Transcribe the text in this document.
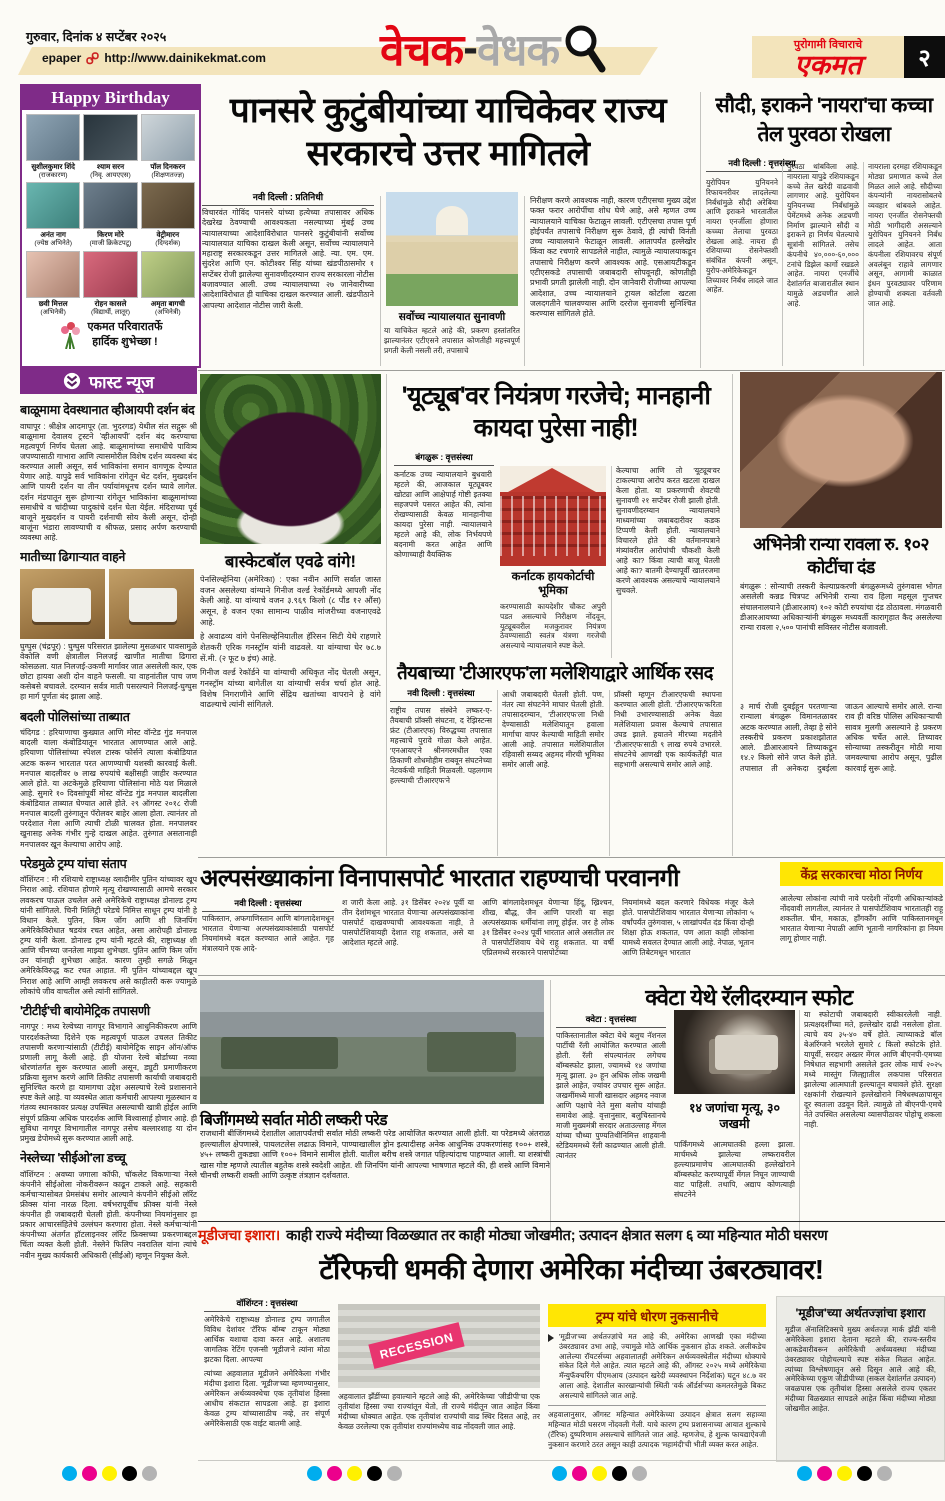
गुरुवार, दिनांक ४ सप्टेंबर २०२५
epaper http://www.dainikekmat.com	वेचक - वेधक	पुरोगामी विचाराचे
एकमत	२
Happy Birthday
सुशीलकुमार शिंदे
(राजकारण)
श्याम सरन
(निवृ. आयएएस)
पॉल दिनकरन
(शिक्षणतज्ज्ञ)
अनंत नाग
(ज्येष्ठ अभिनेते)
किरण मोरे
(माजी क्रिकेटपटू)
वेट्रीमारन
(दिग्दर्शक)
छवी मित्तल
(अभिनेत्री)
रोहन कासले
(विद्यार्थी, लातूर)
अमृता बागची
(अभिनेत्री)
एकमत परिवारातर्फे
हार्दिक शुभेच्छा !
फास्ट न्यूज
बाळूमामा देवस्थानात व्हीआयपी दर्शन बंद

वाघापूर : श्रीक्षेत्र आदमापूर (ता. भुदरगड) येथील संत सद्गुरू श्री बाळूमामा देवालय ट्रस्टने 'व्हीआयपी' दर्शन बंद करण्याचा महत्वपूर्ण निर्णय घेतला आहे. बाळूमामांच्या समाधीचे पावित्र्य जपण्यासाठी गाभारा आणि त्यासमोरील विशेष दर्शन व्यवस्था बंद करण्यात आली असून, सर्व भाविकांना समान वागणूक देण्यात येणार आहे. यापुढे सर्व भाविकांना रांगेतून थेट दर्शन, मुखदर्शन आणि पायरी दर्शन या तीन पर्यायांमधूनच दर्शन घ्यावे लागेल. दर्शन मंडपातून सुरू होणाऱ्या रांगेतून भाविकांना बाळूमामांच्या समाधीचे व चांदीच्या पादुकांचे दर्शन घेता येईल. मंदिराच्या पूर्व बाजूने मुखदर्शन व पायरी दर्शनाची सोय केली असून, दोन्ही बाजूंना भंडारा लावण्याची व श्रीफळ, प्रसाद अर्पण करण्याची व्यवस्था आहे.

मातीच्या ढिगाऱ्यात वाहने

घुग्घुस (चंद्रपूर) : घुग्घुस परिसरात झालेल्या मुसळधार पावसामुळे वेकोलि वणी क्षेत्रातील निलजई खाणीत मातीचा ढिगारा कोसळला. यात निलजई-उकणी मार्गावर जात असलेली कार, एक छोटा हायवा अशी दोन वाहने फसली. या वाहनांतील पाच जण कसेबसे बचावले. दरम्यान सर्वत्र माती पसरल्याने निलजई-घुग्घुस हा मार्ग पूर्णतः बंद झाला आहे.

बदली पोलिसांच्या ताब्यात

चंदिगड : हरियाणाचा कुख्यात आणि मोस्ट वॉन्टेड गुंड मनपाल बादली याला कंबोडियातून भारतात आणण्यात आले आहे. हरियाणा पोलिसांच्या स्पेशल टास्क फोर्सने त्याला कंबोडियात अटक करून भारतात परत आणण्याची यशस्वी कारवाई केली. मनपाल बादलीवर ७ लाख रुपयांचे बक्षीसही जाहीर करण्यात आले होते. या अटकेमुळे हरियाणा पोलिसांना मोठे यश मिळाले आहे. सुमारे १० दिवसांपूर्वी मोस्ट वॉन्टेड गुंड मनपाल बादलीला कंबोडियात ताब्यात घेण्यात आले होते. २९ ऑगस्ट २०१८ रोजी मनपाल बादली तुरुंगातून पॅरोलवर बाहेर आला होता. त्यानंतर तो परदेशात गेला आणि त्याची टोळी चालवत होता. मनपालवर खुनासह अनेक गंभीर गुन्हे दाखल आहेत. तुरुंगात असतानाही मनपालवर खून केल्याचा आरोप आहे.

परेडमुळे ट्रम्प यांचा संताप

वॉशिंग्टन : मी रशियाचे राष्ट्राध्यक्ष व्लादीमीर पुतिन यांच्यावर खूप निराश आहे. रशियात होणारे मृत्यू रोखण्यासाठी आमचे सरकार लवकरच पाऊल उचलेल असे अमेरिकेचे राष्ट्राध्यक्ष डोनाल्ड ट्रम्प यांनी सांगितले. चिनी मिलिट्री परेडचे निमित्त साधून ट्रम्प यांनी हे विधान केले. पुतिन, किम जोंग आणि शी जिनपिंग अमेरिकेविरोधात षडयंत्र रचत आहेत, असा आरोपही डोनाल्ड ट्रम्प यांनी केला. डोनाल्ड ट्रम्प यांनी म्हटले की, राष्ट्राध्यक्ष शी आणि चीनच्या जनतेला माझ्या शुभेच्छा. पुतिन आणि किम जोंग उन यांनाही शुभेच्छा आहेत. कारण तुम्ही सगळे मिळून अमेरिकेविरुद्ध कट रचत आहात. मी पुतिन यांच्याबद्दल खूप निराश आहे आणि आम्ही लवकरच असे काहीतरी करू ज्यामुळे लोकांचे जीव वाचतील असे त्यांनी सांगितले.

'टीटीई'ची बायोमेट्रिक तपासणी

नागपूर : मध्य रेल्वेच्या नागपूर विभागाने आधुनिकीकरण आणि पारदर्शकतेच्या दिशेने एक महत्वपूर्ण पाऊल उचलत तिकीट तपासणी करणाऱ्यांसाठी (टीटीई) बायोमेट्रिक साइन ऑन/ऑफ प्रणाली लागू केली आहे. ही योजना रेल्वे बोर्डाच्या नव्या धोरणांतर्गत सुरू करण्यात आली असून, ड्युटी प्रमाणीकरण प्रक्रिया सुलभ करणे आणि तिकीट तपासणी कार्याची जबाबदारी सुनिश्चित करणे हा यामागचा उद्देश असल्याचे रेल्वे प्रशासनाने स्पष्ट केले आहे. या व्यवस्थेत आता कर्मचारी आपल्या मूळस्थान व गंतव्य स्थानकावर प्रत्यक्ष उपस्थित असल्याची खात्री होईल आणि संपूर्ण प्रक्रिया अधिक पारदर्शक आणि विश्वासार्ह होणार आहे. ही सुविधा नागपूर विभागातील नागपूर तसेच बल्लारशाह या दोन प्रमुख डेपोमध्ये सुरू करण्यात आली आहे.

नेस्लेच्या 'सीईओ'ला डच्चू

वॉशिंग्टन : अवघ्या जगाला कॉफी, चॉकलेट विकणाऱ्या नेस्ले कंपनीने सीईओला नोकरीवरून काढून टाकले आहे. सहकारी कर्मचाऱ्यासोबत प्रेमसंबंध समोर आल्याने कंपनीने सीईओ लॉरेंट फ्रीक्स यांना नारळ दिला. वर्षभरापूर्वीच फ्रीक्स यांनी नेस्ले कंपनीत ही जबाबदारी घेतली होती. कंपनीच्या नियमांनुसार हा प्रकार आचारसंहितेचे उल्लंघन करणारा होता. नेस्ले कर्मचाऱ्यांनी कंपनीच्या अंतर्गत हॉटलाइनवर लॉरेंट फ्रिक्सच्या प्रकरणाबद्दल चिंता व्यक्त केली होती. नेस्लेने फिलिप नवरातिल यांना त्यांचे नवीन मुख्य कार्यकारी अधिकारी (सीईओ) म्हणून नियुक्त केले.

पानसरे कुटुंबीयांच्या याचिकेवर राज्य सरकारचे उत्तर मागितले
नवी दिल्ली : प्रतिनिधी
विचारवंत गोविंद पानसरे यांच्या हत्येच्या तपासावर अधिक देखरेख ठेवण्याची आवश्यकता नसल्याच्या मुंबई उच्च न्यायालयाच्या आदेशाविरोधात पानसरे कुटुंबीयांनी सर्वोच्च न्यायालयात याचिका दाखल केली असून, सर्वोच्च न्यायालयाने महाराष्ट्र सरकारकडून उत्तर मागितले आहे. न्या. एम. एम. सुंदरेश आणि एन. कोटीश्वर सिंह यांच्या खंडपीठासमोर १ सप्टेंबर रोजी झालेल्या सुनावणीदरम्यान राज्य सरकारला नोटीस बजावण्यात आली. उच्च न्यायालयाच्या २७ जानेवारीच्या आदेशाविरोधात ही याचिका दाखल करण्यात आली. खंडपीठाने आपल्या आदेशात नोटीस जारी केली.
सर्वोच्च न्यायालयात सुनावणी
या याचिकेत म्हटले आहे की, प्रकरण हस्तांतरित झाल्यानंतर एटीएसने तपासात कोणतीही महत्त्वपूर्ण प्रगती केली नसली तरी, तपासाचे
निरीक्षण करणे आवश्यक नाही, कारण एटीएसचा मुख्य उद्देश फक्त फरार आरोपींचा शोध घेणे आहे, असे म्हणत उच्च न्यायालयाने याचिका फेटाळून लावली. एटीएसचा तपास पूर्ण होईपर्यंत तपासाचे निरीक्षण सुरू ठेवावे, ही त्यांची विनंती उच्च न्यायालयाने फेटाळून लावली. आतापर्यंत हल्लेखोर किंवा कट रचणारे सापडलेले नाहीत, त्यामुळे न्यायालयाकडून तपासाचे निरीक्षण करणे आवश्यक आहे. एसआयटीकडून एटीएसकडे तपासाची जबाबदारी सोपवूनही, कोणतीही प्रभावी प्रगती झालेली नाही. दोन जानेवारी रोजीच्या आपल्या आदेशात, उच्च न्यायालयाने ट्रायल कोर्टाला खटला जलदगतीने चालवण्यास आणि दररोज सुनावणी सुनिश्चित करण्यास सांगितले होते.
सौदी, इराकने 'नायरा'चा कच्चा तेल पुरवठा रोखला
नवी दिल्ली : वृत्तसंस्था
युरोपियन युनियनने रिफायनरीवर लादलेल्या निर्बंधांमुळे सौदी अरेबिया आणि इराकने भारतातील नायरा एनर्जीला होणारा कच्च्या तेलाचा पुरवठा रोखला आहे. नायरा ही रशियाच्या रोसनेफ्तशी संबंधित कंपनी असून, युरोप-अमेरिकेकडून तिच्यावर निर्बंध लादले जात आहेत.
पुरवठा थांबविला आहे. नायराला यापुढे रशियाकडून कच्चे तेल खरेदी वाढवावी लागणार आहे. युरोपियन युनियनच्या निर्बंधांमुळे पेमेंटमध्ये अनेक अडचणी निर्माण झाल्याने सौदी व इराकने हा निर्णय घेतल्याचे सूत्रांनी सांगितले. तसेच कंपनीचे ४०,०००-६०,००० टनांचे डिझेल कार्गो रखडले आहेत. नायरा एनर्जीचे देशांतर्गत बाजारातील स्थान यामुळे अडचणीत आले आहे.
नायराला दरमहा रशियाकडून मोठ्या प्रमाणात कच्चे तेल मिळत आले आहे. सौदीच्या कंपन्यांनी नायरासोबतचे व्यवहार थांबवले आहेत. नायरा एनर्जीत रोसनेफ्तची मोठी भागीदारी असल्याने युरोपियन युनियनने निर्बंध लादले आहेत. आता कंपनीला रशियावरच संपूर्ण अवलंबून राहावे लागणार असून, आगामी काळात इंधन पुरवठ्यावर परिणाम होण्याची शक्यता वर्तवली जात आहे.
बास्केटबॉल एवढे वांगे!

पेनसिल्व्हेनिया (अमेरिका) : एका नवीन आणि सर्वात जास्त वजन असलेल्या वांग्याने गिनीज वर्ल्ड रेकॉर्डमध्ये आपली नोंद केली आहे. या वांग्याचे वजन ३.९६९ किलो (८ पौंड १२ औंस) असून, हे वजन एका सामान्य पाळीव मांजरीच्या वजनाएवढे आहे.

हे अवाढव्य वांगे पेनसिल्व्हेनियातील हॅरिसन सिटी येथे राहणारे शेतकरी एरिक गनस्ट्रॉम यांनी वाढवले. या वांग्याचा घेर ७८.७ सें.मी. (२ फूट ७ इंच) आहे.

गिनीज वर्ल्ड रेकॉर्डने या वांग्याची अधिकृत नोंद घेतली असून, गनस्ट्रॉम यांच्या बागेतील या वांग्याची सर्वत्र चर्चा होत आहे. विशेष निगराणीने आणि सेंद्रिय खतांच्या वापराने हे वांगे वाढल्याचे त्यांनी सांगितले.

'यूट्यूब'वर नियंत्रण गरजेचे; मानहानी कायदा पुरेसा नाही!
बंगळुरू : वृत्तसंस्था
कर्नाटक उच्च न्यायालयाने बुधवारी म्हटले की, आजकाल यूट्यूबवर खोट्या आणि आक्षेपार्ह गोष्टी इतक्या सहजपणे पसरत आहेत की, त्यांना रोखण्यासाठी केवळ मानहानीचा कायदा पुरेसा नाही. न्यायालयाने म्हटले आहे की, लोक निर्भयपणे बदनामी करत आहेत आणि कोणाच्याही वैयक्तिक
कर्नाटक हायकोर्टाची भूमिका
करण्यासाठी कायदेशीर चौकट अपुरी पडत असल्याचे निरीक्षण नोंदवून, यूट्यूबवरील मजकुरावर नियंत्रण ठेवण्यासाठी स्वतंत्र यंत्रणा गरजेची असल्याचे न्यायालयाने स्पष्ट केले.
केल्याचा आणि तो 'यूट्यूब'वर टाकल्याचा आरोप करत खटला दाखल केला होता. या प्रकरणाची शेवटची सुनावणी २१ सप्टेंबर रोजी झाली होती. सुनावणीदरम्यान न्यायालयाने माध्यमांच्या जबाबदारीवर कडक टिप्पणी केली होती. न्यायालयाने विचारले होते की वर्तमानपत्राने मंत्र्यांवरील आरोपांची चौकशी केली आहे का? किंवा त्याची बाजू घेतली आहे का? बातमी देण्यापूर्वी खातरजमा करणे आवश्यक असल्याचे न्यायालयाने सुचवले.
अभिनेत्री रान्या रावला रु. १०२ कोटींचा दंड
बंगळुरू : सोन्याची तस्करी केल्याप्रकरणी बंगळुरूमध्ये तुरुंगवास भोगत असलेली कन्नड चित्रपट अभिनेत्री रान्या राव हिला महसूल गुप्तचर संचालनालयाने (डीआरआय) १०२ कोटी रुपयांचा दंड ठोठावला. मंगळवारी डीआरआयच्या अधिकाऱ्यांनी बंगळुरू मध्यवर्ती कारागृहात कैद असलेल्या रान्या रावला २,५०० पानांची सविस्तर नोटीस बजावली.
३ मार्च रोजी दुबईहून परतणाऱ्या रान्याला बंगळुरू विमानतळावर अटक करण्यात आली, तेव्हा हे सोने तस्करीचे प्रकरण प्रकाशझोतात आले. डीआरआयने तिच्याकडून १४.२ किलो सोने जप्त केले होते. तपासात ती अनेकदा दुबईला जाऊन आल्याचे समोर आले. रान्या राव ही वरिष्ठ पोलिस अधिकाऱ्याची सावत्र मुलगी असल्याने हे प्रकरण अधिक चर्चेत आले. तिच्यावर सोन्याच्या तस्करीतून मोठी माया जमवल्याचा आरोप असून, पुढील कारवाई सुरू आहे.
तैयबाच्या 'टीआरएफ'ला मलेशियाद्वारे आर्थिक रसद
नवी दिल्ली : वृत्तसंस्था
राष्ट्रीय तपास संस्थेने लष्कर-ए-तैयबाची प्रॉक्सी संघटना, द रेझिस्टन्स फ्रंट (टीआरएफ) विरुद्धच्या तपासात महत्त्वाचे पुरावे गोळा केले आहेत. 'एनआयए'ने श्रीनगरमधील एका ठिकाणी शोधमोहीम राबवून संघटनेच्या नेटवर्कची माहिती मिळवली. पहलगाम हल्ल्याची 'टीआरएफ'ने
आधी जबाबदारी घेतली होती. पण, नंतर त्या संघटनेने माघार घेतली होती. तपासादरम्यान, 'टीआरएफ'ला निधी देण्यासाठी मलेशियातून हवाला मार्गाचा वापर केल्याची माहिती समोर आली आहे. तपासात मलेशियातील रहिवासी सय्यद अहमद मीरची भूमिका समोर आली आहे.
प्रॉक्सी म्हणून टीआरएफची स्थापना करण्यात आली होती. 'टीआरएफ'करिता निधी उभारण्यासाठी अनेक वेळा मलेशियाला प्रवास केल्याचे तपासात उघड झाले. हयातने मीरच्या मदतीने 'टीआरएफ'साठी ९ लाख रुपये उभारले. संघटनेचे आणखी एक कार्यकर्तेही यात सहभागी असल्याचे समोर आले आहे.
अल्पसंख्याकांना विनापासपोर्ट भारतात राहण्याची परवानगी	केंद्र सरकारचा मोठा निर्णय
नवी दिल्ली : वृत्तसंस्था
पाकिस्तान, अफगाणिस्तान आणि बांगलादेशमधून भारतात येणाऱ्या अल्पसंख्याकांसाठी पासपोर्ट नियमांमध्ये बदल करण्यात आले आहेत. गृह मंत्रालयाने एक आदे-
श जारी केला आहे. ३१ डिसेंबर २०२४ पूर्वी या तीन देशांमधून भारतात येणाऱ्या अल्पसंख्याकांना पासपोर्ट दाखवण्याची आवश्यकता नाही, ते पासपोर्टशिवायही देशात राहू शकतात, असे या आदेशात म्हटले आहे.
आणि बांगलादेशमधून येणाऱ्या हिंदू, ख्रिश्चन, शीख, बौद्ध, जैन आणि पारशी या सहा अल्पसंख्याक धर्मीयांना लागू होईल. जर हे लोक ३१ डिसेंबर २०२४ पूर्वी भारतात आले असतील तर ते पासपोर्टशिवाय येथे राहू शकतात. या वर्षी एप्रिलमध्ये सरकारने पासपोर्टच्या
नियमांमध्ये बदल करणारे विधेयक मंजूर केले होते. पासपोर्टशिवाय भारतात येणाऱ्या लोकांना ५ वर्षांपर्यंत तुरुंगवास, ५ लाखांपर्यंत दंड किंवा दोन्ही शिक्षा होऊ शकतात, पण आता काही लोकांना यामध्ये सवलत देण्यात आली आहे. नेपाळ, भूतान आणि तिबेटमधून भारतात
आलेल्या लोकांना त्यांची नावे परदेशी नोंदणी अधिकाऱ्यांकडे नोंदवावी लागतील, त्यानंतर ते पासपोर्टशिवाय भारतातही राहू शकतील. चीन, मकाऊ, हाँगकाँग आणि पाकिस्तानमधून भारतात येणाऱ्या नेपाळी आणि भूतानी नागरिकांना हा नियम लागू होणार नाही.
बिजींगमध्ये सर्वात मोठी लष्करी परेड
राजधानी बीजिंगमध्ये देशातील आतापर्यंतची सर्वात मोठी लष्करी परेड आयोजित करण्यात आली होती. या परेडमध्ये अंतराळ हल्ल्यातील क्षेपणास्त्रे, पायलटलेस लढाऊ विमाने, पाण्याखालील ड्रोन इत्यादीसह अनेक आधुनिक उपकरणांसह १००+ शस्त्रे, ४५+ लष्करी तुकड्या आणि १००+ विमाने सामील होती. यातील बरीच शस्त्रे जगात पहिल्यांदाच पाहण्यात आली. या शस्त्रांची खास गोष्ट म्हणजे त्यातील बहुतेक शस्त्रे स्वदेशी आहेत. शी जिनपिंग यांनी आपल्या भाषणात म्हटले की, ही शस्त्रे आणि विमाने चीनची लष्करी शक्ती आणि उत्कृष्ट तंत्रज्ञान दर्शवतात.
क्वेटा येथे रॅलीदरम्यान स्फोट
क्वेटा : वृत्तसंस्था
पाकिस्तानातील क्वेटा येथे बलुच नॅशनल पार्टीची रॅली आयोजित करण्यात आली होती. रॅली संपल्यानंतर लगेचच बॉम्बस्फोट झाला, ज्यामध्ये १४ जणांचा मृत्यू झाला. ३० हून अधिक लोक जखमी झाले आहेत, ज्यांवर उपचार सुरू आहेत. जखमींमध्ये माजी खासदार अहमद नवाज आणि पक्षाचे नेते मुसा बलोच यांचाही समावेश आहे. वृत्तानुसार, बलुचिस्तानचे माजी मुख्यमंत्री सरदार अताउल्लाह मेंगल यांच्या चौथ्या पुण्यतिथीनिमित्त शाहवानी स्टेडियममध्ये रॅली काढण्यात आली होती. त्यानंतर
१४ जणांचा मृत्यू, ३० जखमी
पार्किंगमध्ये आत्मघातकी हल्ला झाला. मार्चमध्ये झालेल्या लष्करावरील हल्ल्याप्रमाणेच आत्मघातकी हल्लेखोराने बॉम्बस्फोट करण्यापूर्वी मेंगल निघून जाण्याची वाट पाहिली. तथापि, अद्याप कोणत्याही संघटनेने
या स्फोटाची जबाबदारी स्वीकारलेली नाही. प्रत्यक्षदर्शींच्या मते, हल्लेखोर दाढी नसलेला होता. त्याचे वय ३५-४० वर्षे होते. त्याच्याकडे बॉल बेअरिंग्जने भरलेले सुमारे ८ किलो स्फोटके होते. यापूर्वी, सरदार अख्तर मेंगल आणि बीएनपी-एमच्या निषेधात सहभागी असलेले इतर लोक मार्च २०२५ मध्ये मास्तुंग जिल्ह्यातील लकपास परिसरात झालेल्या आत्मघाती हल्ल्यातून बचावले होते. सुरक्षा रक्षकांनी रोखल्याने हल्लेखोराने निषेधस्थळापासून दूर स्वतःला उडवून दिले. त्यामुळे तो बीएनपी-एमचे नेते उपस्थित असलेल्या व्यासपीठावर पोहोचू शकला नाही.
मूडीजचा इशारा। काही राज्ये मंदीच्या विळख्यात तर काही मोठ्या जोखमीत; उत्पादन क्षेत्रात सलग ६ व्या महिन्यात मोठी घसरण
टॅरिफची धमकी देणारा अमेरिका मंदीच्या उंबरठ्यावर!
वॉशिंग्टन : वृत्तसंस्था

अमेरिकेचे राष्ट्राध्यक्ष डोनाल्ड ट्रम्प जगातील विविध देशांवर 'टॅरिफ बॉम्ब' टाकून मोठ्या आर्थिक यशाचा दावा करत आहे. अशातच जागतिक रेटिंग एजन्सी 'मूडीज'ने त्यांना मोठा झटका दिला. आपल्या

त्यांच्या अहवालात मूडीजने अमेरिकेला गंभीर मंदीचा इशारा दिला. 'मूडीज'च्या म्हणण्यानुसार, अमेरिकन अर्थव्यवस्थेचा एक तृतीयांश हिस्सा आधीच संकटात सापडला आहे. हा इशारा केवळ ट्रम्प यांच्यासाठीच नव्हे, तर संपूर्ण अमेरिकेसाठी एक वाईट बातमी आहे.

RECESSION
अहवालात झँडींच्या हवाल्याने म्हटले आहे की, अमेरिकेच्या 'जीडीपी'चा एक तृतीयांश हिस्सा ज्या राज्यांतून येतो, ती राज्ये मंदीतून जात आहेत किंवा मंदीच्या धोक्यात आहेत. एक तृतीयांश राज्यांची वाढ स्थिर दिसत आहे, तर केवळ उरलेल्या एक तृतीयांश राज्यांमध्येच वाढ नोंदवली जात आहे.
ट्रम्प यांचे धोरण नुकसानीचे

'मूडीज'च्या अर्थतज्ज्ञांचे मत आहे की, अमेरिका आणखी एका मंदीच्या उंबरठ्यावर उभा आहे, ज्यामुळे मोठे आर्थिक नुकसान होऊ शकते. अलीकडेच आलेल्या रॉयटर्सच्या अहवालातही अमेरिकन अर्थव्यवस्थेतील मंदीच्या धोक्याचे संकेत दिले गेले आहेत. त्यात म्हटले आहे की, ऑगस्ट २०२५ मध्ये अमेरिकेचा मॅन्युफॅक्चरिंग पीएमआय (उत्पादन खरेदी व्यवस्थापन निर्देशांक) घटून ४८.७ वर आला आहे. देशातील कारखान्यांची स्थिती 'वर्क ऑर्डर्स'च्या कमतरतेमुळे बिकट असल्याचे सांगितले जात आहे.

अहवालानुसार, ऑगस्ट महिन्यात अमेरिकेच्या उत्पादन क्षेत्रात सलग सहाव्या महिन्यात मोठी घसरण नोंदवली गेली. याचे कारण ट्रम्प प्रशासनाच्या आयात शुल्काचे (टॅरिफ) दुष्परिणाम असल्याचे सांगितले जात आहे. म्हणजेच, हे शुल्क फायद्याऐवजी नुकसान करणारे ठरत असून काही उत्पादक 'महामंदी'ची भीती व्यक्त करत आहेत.

'मूडीज'च्या अर्थतज्ज्ञांचा इशारा
मूडीज ॲनालिटिक्सचे मुख्य अर्थतज्ज्ञ मार्क झँडी यांनी अमेरिकेला इशारा देताना म्हटले की, राज्य-स्तरीय आकडेवारीवरून अमेरिकेची अर्थव्यवस्था मंदीच्या उंबरठ्यावर पोहोचल्याचे स्पष्ट संकेत मिळत आहेत. त्यांच्या विश्लेषणातून असे दिसून आले आहे की, अमेरिकेच्या एकूण जीडीपीच्या (सकल देशांतर्गत उत्पादन) जवळपास एक तृतीयांश हिस्सा असलेले राज्य एकतर मंदीच्या विळख्यात सापडले आहेत किंवा मंदीच्या मोठ्या जोखमीत आहेत.
